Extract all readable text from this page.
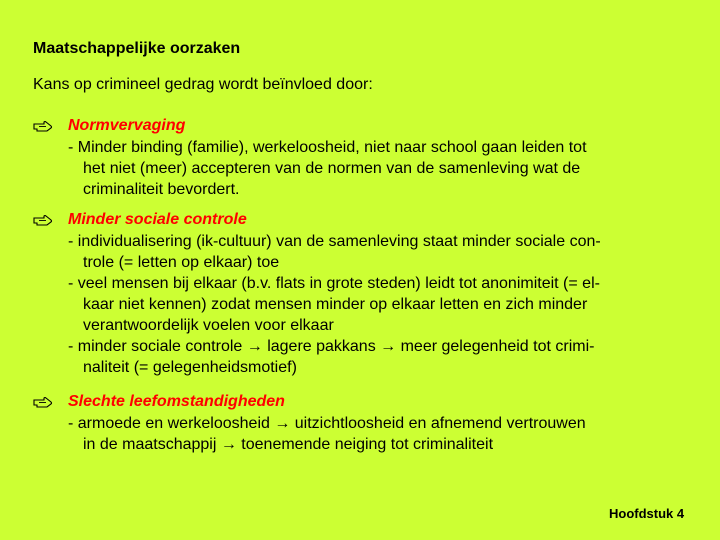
Maatschappelijke oorzaken
Kans op crimineel gedrag wordt beïnvloed door:
Normvervaging
- Minder binding (familie), werkeloosheid, niet naar school gaan leiden tot
het niet (meer) accepteren van de normen van de samenleving wat de
criminaliteit bevordert.
Minder sociale controle
- individualisering (ik-cultuur) van de samenleving staat minder sociale con-
trole (= letten op elkaar) toe
- veel mensen bij elkaar (b.v. flats in grote steden) leidt tot anonimiteit (= el-
kaar niet kennen) zodat mensen minder op elkaar letten en zich minder
verantwoordelijk voelen voor elkaar
- minder sociale controle → lagere pakkans → meer gelegenheid tot crimi-
naliteit (= gelegenheidsmotief)
Slechte leefomstandigheden
- armoede en werkeloosheid → uitzichtloosheid en afnemend vertrouwen
in de maatschappij → toenemende neiging tot criminaliteit
Hoofdstuk 4
